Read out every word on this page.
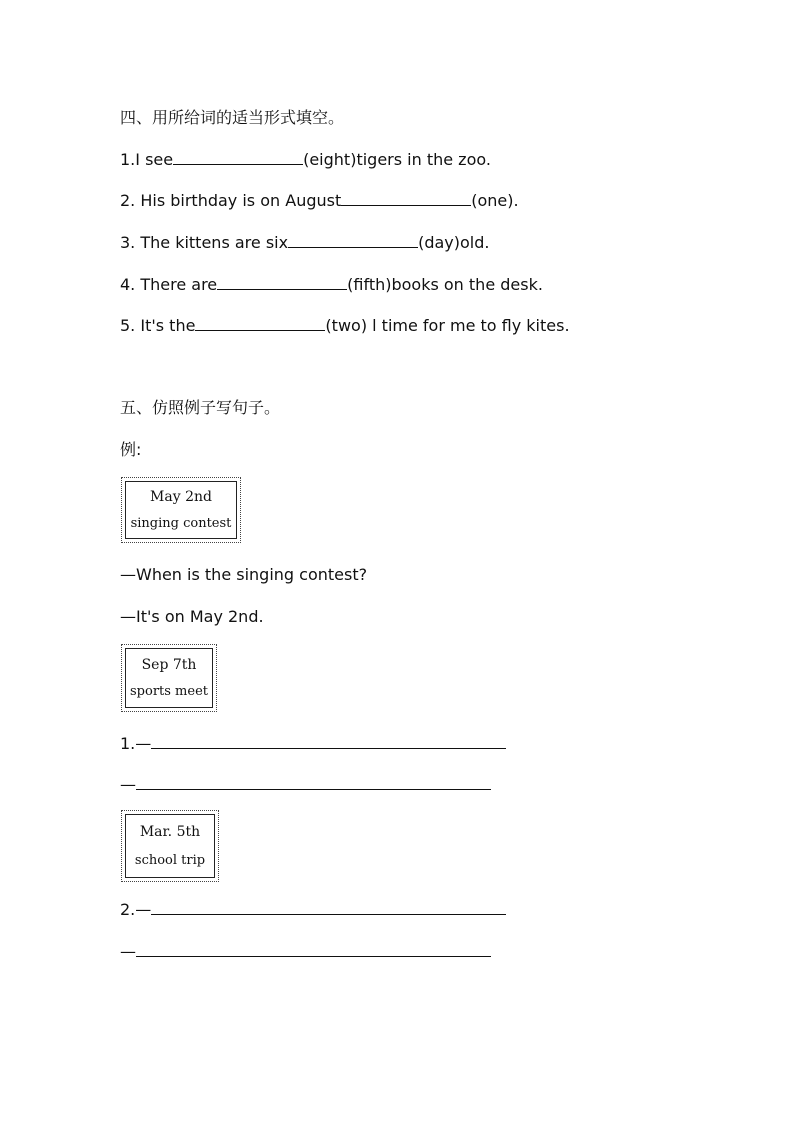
四、用所给词的适当形式填空。
1.I see	(eight)tigers in the zoo.
2. His birthday is on August	(one).
3. The kittens are six	(day)old.
4. There are	(fifth)books on the desk.
5. It's the	(two) l time for me to fly kites.
五、仿照例子写句子。
例:
May 2nd
singing contest
—When is the singing contest?
—It's on May 2nd.
Sep 7th
sports meet
1.—
—
Mar. 5th
school trip
2.—
—
